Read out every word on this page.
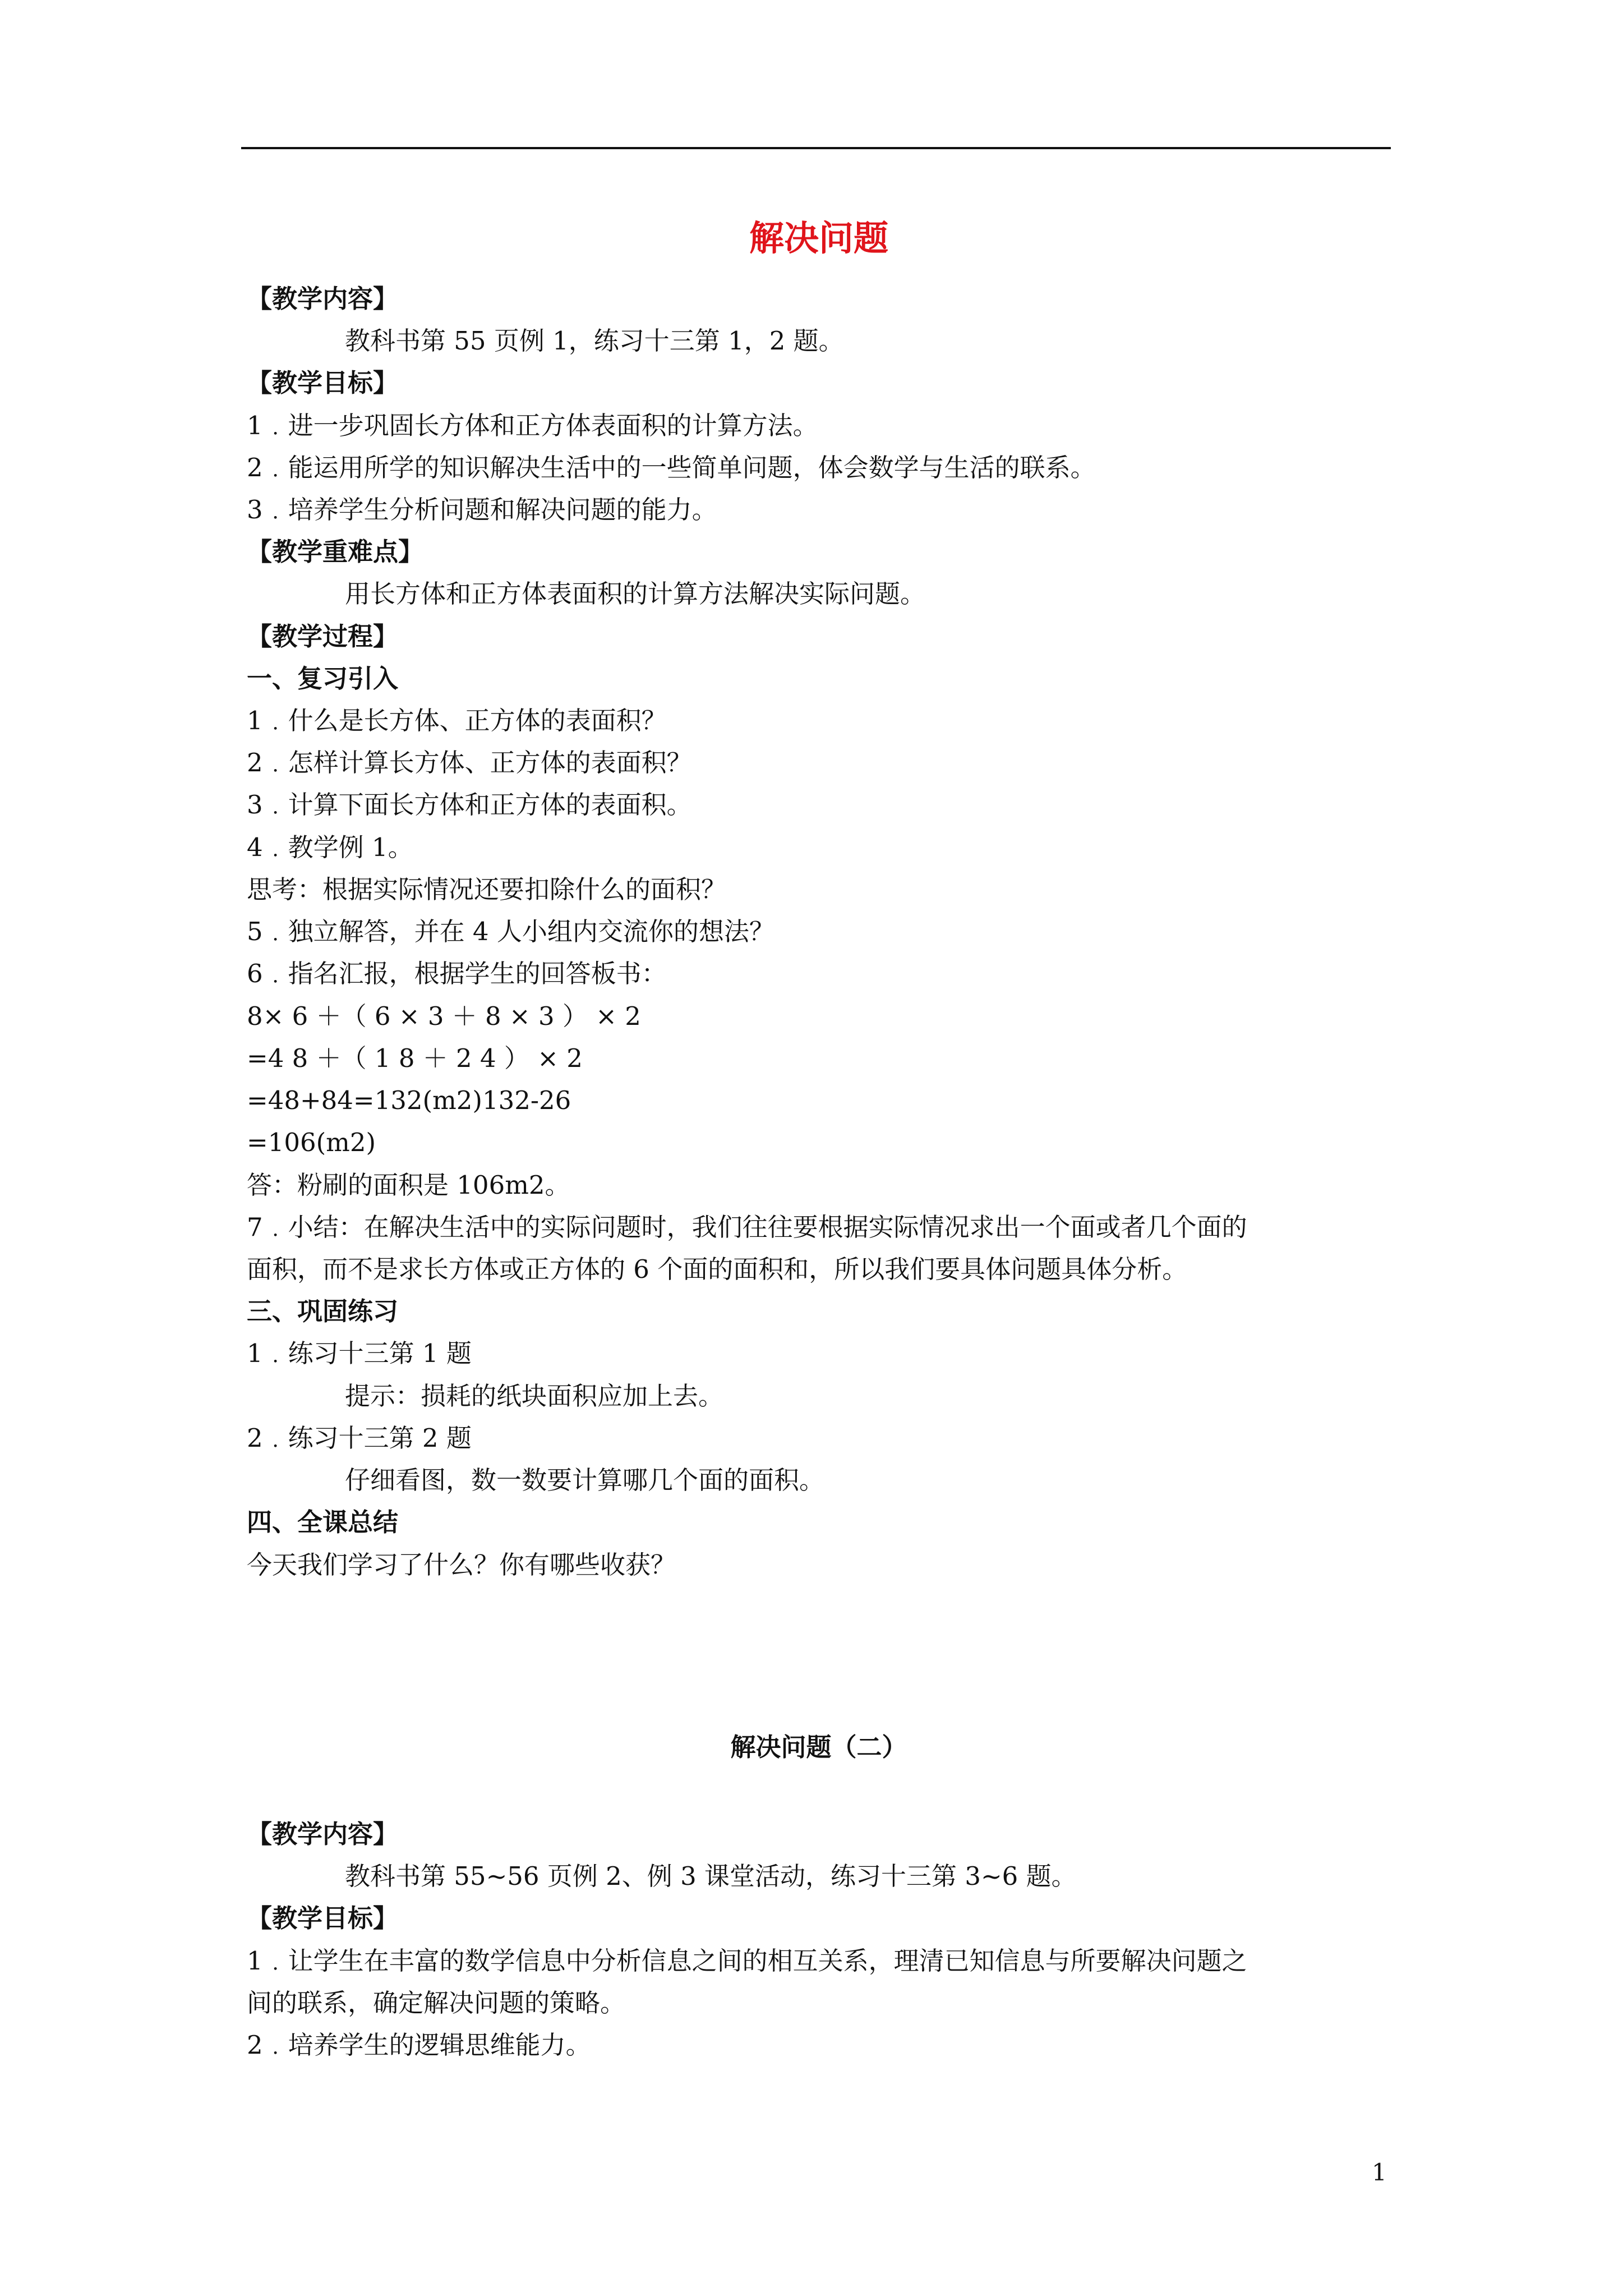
解决问题
【教学内容】
教科书第 55 页例 1，练习十三第 1，2 题。
【教学目标】
1﹒进一步巩固长方体和正方体表面积的计算方法。
2﹒能运用所学的知识解决生活中的一些简单问题，体会数学与生活的联系。
3﹒培养学生分析问题和解决问题的能力。
【教学重难点】
用长方体和正方体表面积的计算方法解决实际问题。
【教学过程】
一、复习引入
1﹒什么是长方体、正方体的表面积？
2﹒怎样计算长方体、正方体的表面积？
3﹒计算下面长方体和正方体的表面积。
4﹒教学例 1。
思考：根据实际情况还要扣除什么的面积？
5﹒独立解答，并在 4 人小组内交流你的想法？
6﹒指名汇报，根据学生的回答板书：
8× 6 ＋（ 6 × 3 ＋ 8 × 3 ） × 2
=4 8 ＋（ 1 8 ＋ 2 4 ） × 2
=48+84=132(m2)132-26
=106(m2)
答：粉刷的面积是 106m2。
7﹒小结：在解决生活中的实际问题时，我们往往要根据实际情况求出一个面或者几个面的
面积，而不是求长方体或正方体的 6 个面的面积和，所以我们要具体问题具体分析。
三、巩固练习
1﹒练习十三第 1 题
提示：损耗的纸块面积应加上去。
2﹒练习十三第 2 题
仔细看图，数一数要计算哪几个面的面积。
四、全课总结
今天我们学习了什么？你有哪些收获？
解决问题（二）
【教学内容】
教科书第 55~56 页例 2、例 3 课堂活动，练习十三第 3~6 题。
【教学目标】
1﹒让学生在丰富的数学信息中分析信息之间的相互关系，理清已知信息与所要解决问题之
间的联系，确定解决问题的策略。
2﹒培养学生的逻辑思维能力。
1
